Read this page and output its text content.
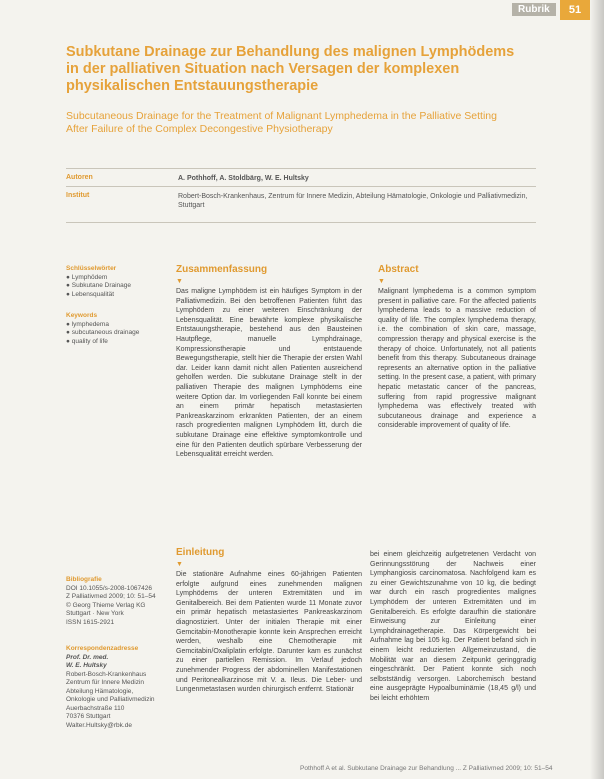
Rubrik	51
Subkutane Drainage zur Behandlung des malignen Lymphödems in der palliativen Situation nach Versagen der komplexen physikalischen Entstauungstherapie
Subcutaneous Drainage for the Treatment of Malignant Lymphedema in the Palliative Setting After Failure of the Complex Decongestive Physiotherapy
Autoren	A. Pothhoff, A. Stoldbärg, W. E. Hultsky
Institut	Robert-Bosch-Krankenhaus, Zentrum für Innere Medizin, Abteilung Hämatologie, Onkologie und Palliativmedizin, Stuttgart
Schlüsselwörter
● Lymphödem
● Subkutane Drainage
● Lebensqualität
Keywords
● lymphedema
● subcutaneous drainage
● quality of life
Bibliografie
DOI 10.1055/s-2008-1067426
Z Palliativmed 2009; 10: 51–54
© Georg Thieme Verlag KG
Stuttgart · New York
ISSN 1615-2921
Korrespondenzadresse
Prof. Dr. med.
W. E. Hultsky
Robert-Bosch-Krankenhaus
Zentrum für Innere Medizin
Abteilung Hämatologie,
Onkologie und Palliativmedizin
Auerbachstraße 110
70376 Stuttgart
Walter.Hultsky@rbk.de
Zusammenfassung
▼
Das maligne Lymphödem ist ein häufiges Symptom in der Palliativmedizin. Bei den betroffenen Patienten führt das Lymphödem zu einer weiteren Einschränkung der Lebensqualität. Eine bewährte komplexe physikalische Entstauungstherapie, bestehend aus den Bausteinen Hautpflege, manuelle Lymphdrainage, Kompressionstherapie und entstauende Bewegungstherapie, stellt hier die Therapie der ersten Wahl dar. Leider kann damit nicht allen Patienten ausreichend geholfen werden. Die subkutane Drainage stellt in der palliativen Therapie des malignen Lymphödems eine weitere Option dar. Im vorliegenden Fall konnte bei einem an einem primär hepatisch metastasierten Pankreaskarzinom erkrankten Patienten, der an einem rasch progredienten malignen Lymphödem litt, durch die subkutane Drainage eine effektive symptomkontrolle und eine für den Patienten deutlich spürbare Verbesserung der Lebensqualität erreicht werden.
Abstract
▼
Malignant lymphedema is a common symptom present in palliative care. For the affected patients lymphedema leads to a massive reduction of quality of life. The complex lymphedema therapy, i.e. the combination of skin care, massage, compression therapy and physical exercise is the therapy of choice. Unfortunately, not all patients benefit from this therapy. Subcutaneous drainage represents an alternative option in the palliative setting. In the present case, a patient, with primary hepatic metastatic cancer of the pancreas, suffering from rapid progressive malignant lymphedema was effectively treated with subcutaneous drainage and experience a considerable improvement of quality of life.
Einleitung
▼
Die stationäre Aufnahme eines 60-jährigen Patienten erfolgte aufgrund eines zunehmenden malignen Lymphödems der unteren Extremitäten und im Genitalbereich. Bei dem Patienten wurde 11 Monate zuvor ein primär hepatisch metastasiertes Pankreaskarzinom diagnostiziert. Unter der initialen Therapie mit einer Gemcitabin-Monotherapie konnte kein Ansprechen erreicht werden, weshalb eine Chemotherapie mit Gemcitabin/Oxaliplatin erfolgte. Darunter kam es zunächst zu einer partiellen Remission. Im Verlauf jedoch zunehmender Progress der abdominellen Manifestationen und Peritonealkarzinose mit V. a. Ileus. Die Leber- und Lungenmetastasen wurden chirurgisch entfernt. Stationär
bei einem gleichzeitig aufgetretenen Verdacht von Gerinnungsstörung der Nachweis einer Lymphangiosis carcinomatosa. Nachfolgend kam es zu einer Gewichtszunahme von 10 kg, die bedingt war durch ein rasch progredientes malignes Lymphödem der unteren Extremitäten und im Genitalbereich. Es erfolgte daraufhin die stationäre Einweisung zur Einleitung einer Lymphdrainagetherapie. Das Körpergewicht bei Aufnahme lag bei 105 kg. Der Patient befand sich in einem leicht reduzierten Allgemeinzustand, die Mobilität war an diesem Zeitpunkt geringgradig eingeschränkt. Der Patient konnte sich noch selbstständig versorgen. Laborchemisch bestand eine ausgeprägte Hypoalbuminämie (18,45 g/l) und bei leicht erhöhtem
Pothhoff A et al. Subkutane Drainage zur Behandlung ... Z Palliativmed 2009; 10: 51–54
